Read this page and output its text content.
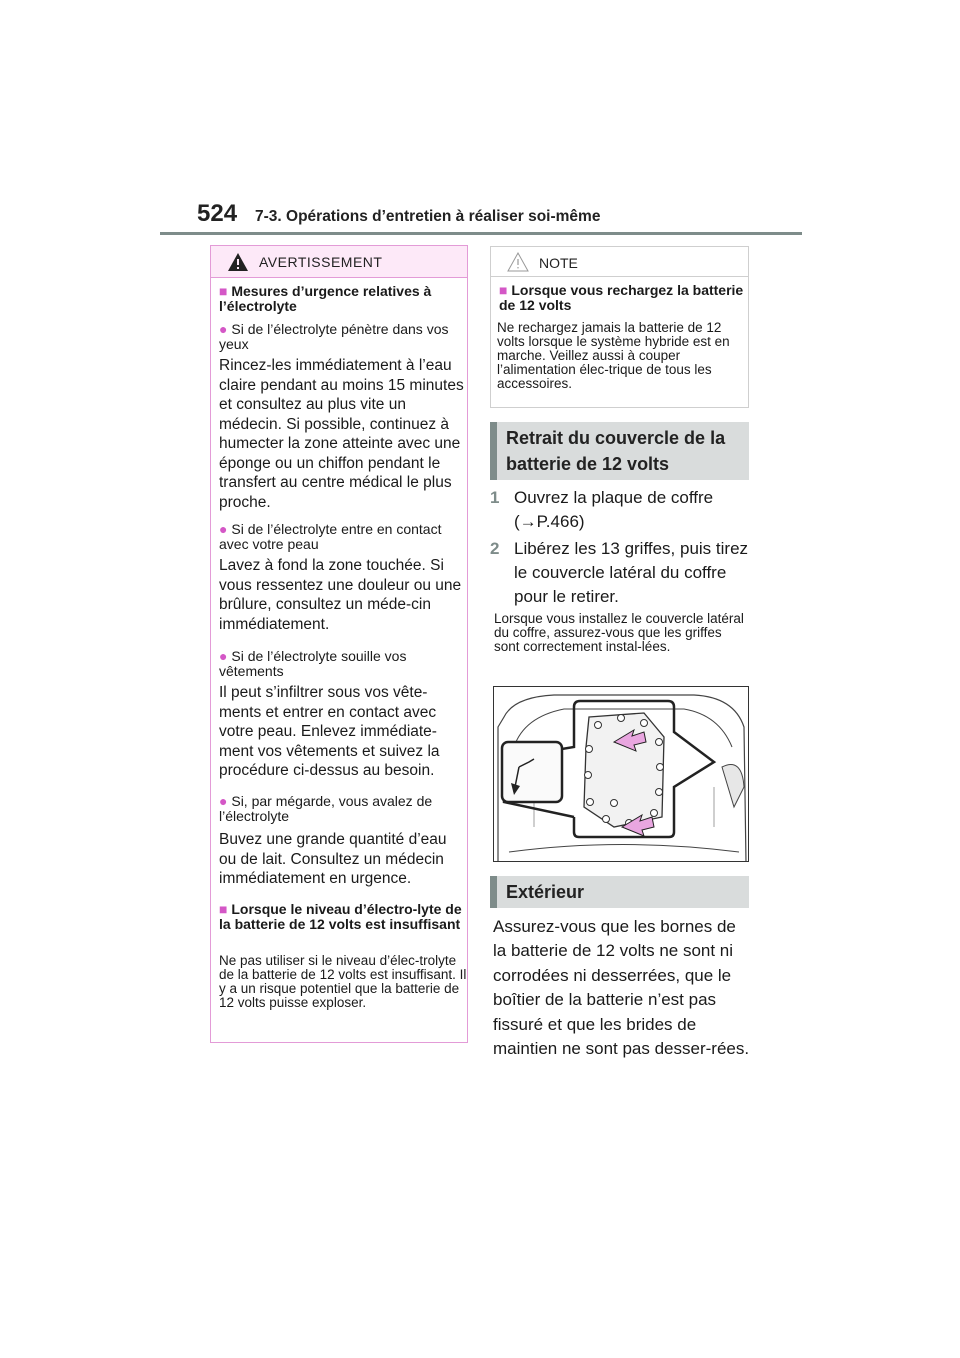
524 7-3. Opérations d’entretien à réaliser soi-même
AVERTISSEMENT
■ Mesures d’urgence relatives à l’électrolyte
● Si de l’électrolyte pénètre dans vos yeux
Rincez-les immédiatement à l’eau claire pendant au moins 15 minutes et consultez au plus vite un médecin. Si possible, continuez à humecter la zone atteinte avec une éponge ou un chiffon pendant le transfert au centre médical le plus proche.
● Si de l’électrolyte entre en contact avec votre peau
Lavez à fond la zone touchée. Si vous ressentez une douleur ou une brûlure, consultez un méde-cin immédiatement.
● Si de l’électrolyte souille vos vêtements
Il peut s’infiltrer sous vos vête-ments et entrer en contact avec votre peau. Enlevez immédiate-ment vos vêtements et suivez la procédure ci-dessus au besoin.
● Si, par mégarde, vous avalez de l’électrolyte
Buvez une grande quantité d’eau ou de lait. Consultez un médecin immédiatement en urgence.
■ Lorsque le niveau d’électro-lyte de la batterie de 12 volts est insuffisant
Ne pas utiliser si le niveau d’élec-trolyte de la batterie de 12 volts est insuffisant. Il y a un risque potentiel que la batterie de 12 volts puisse exploser.
NOTE
■ Lorsque vous rechargez la batterie de 12 volts
Ne rechargez jamais la batterie de 12 volts lorsque le système hybride est en marche. Veillez aussi à couper l’alimentation élec-trique de tous les accessoires.
Retrait du couvercle de la batterie de 12 volts
1 Ouvrez la plaque de coffre (→P.466)
2 Libérez les 13 griffes, puis tirez le couvercle latéral du coffre pour le retirer.
Lorsque vous installez le couvercle latéral du coffre, assurez-vous que les griffes sont correctement instal-lées.
Extérieur
Assurez-vous que les bornes de la batterie de 12 volts ne sont ni corrodées ni desserrées, que le boîtier de la batterie n’est pas fissuré et que les brides de maintien ne sont pas desser-rées.
